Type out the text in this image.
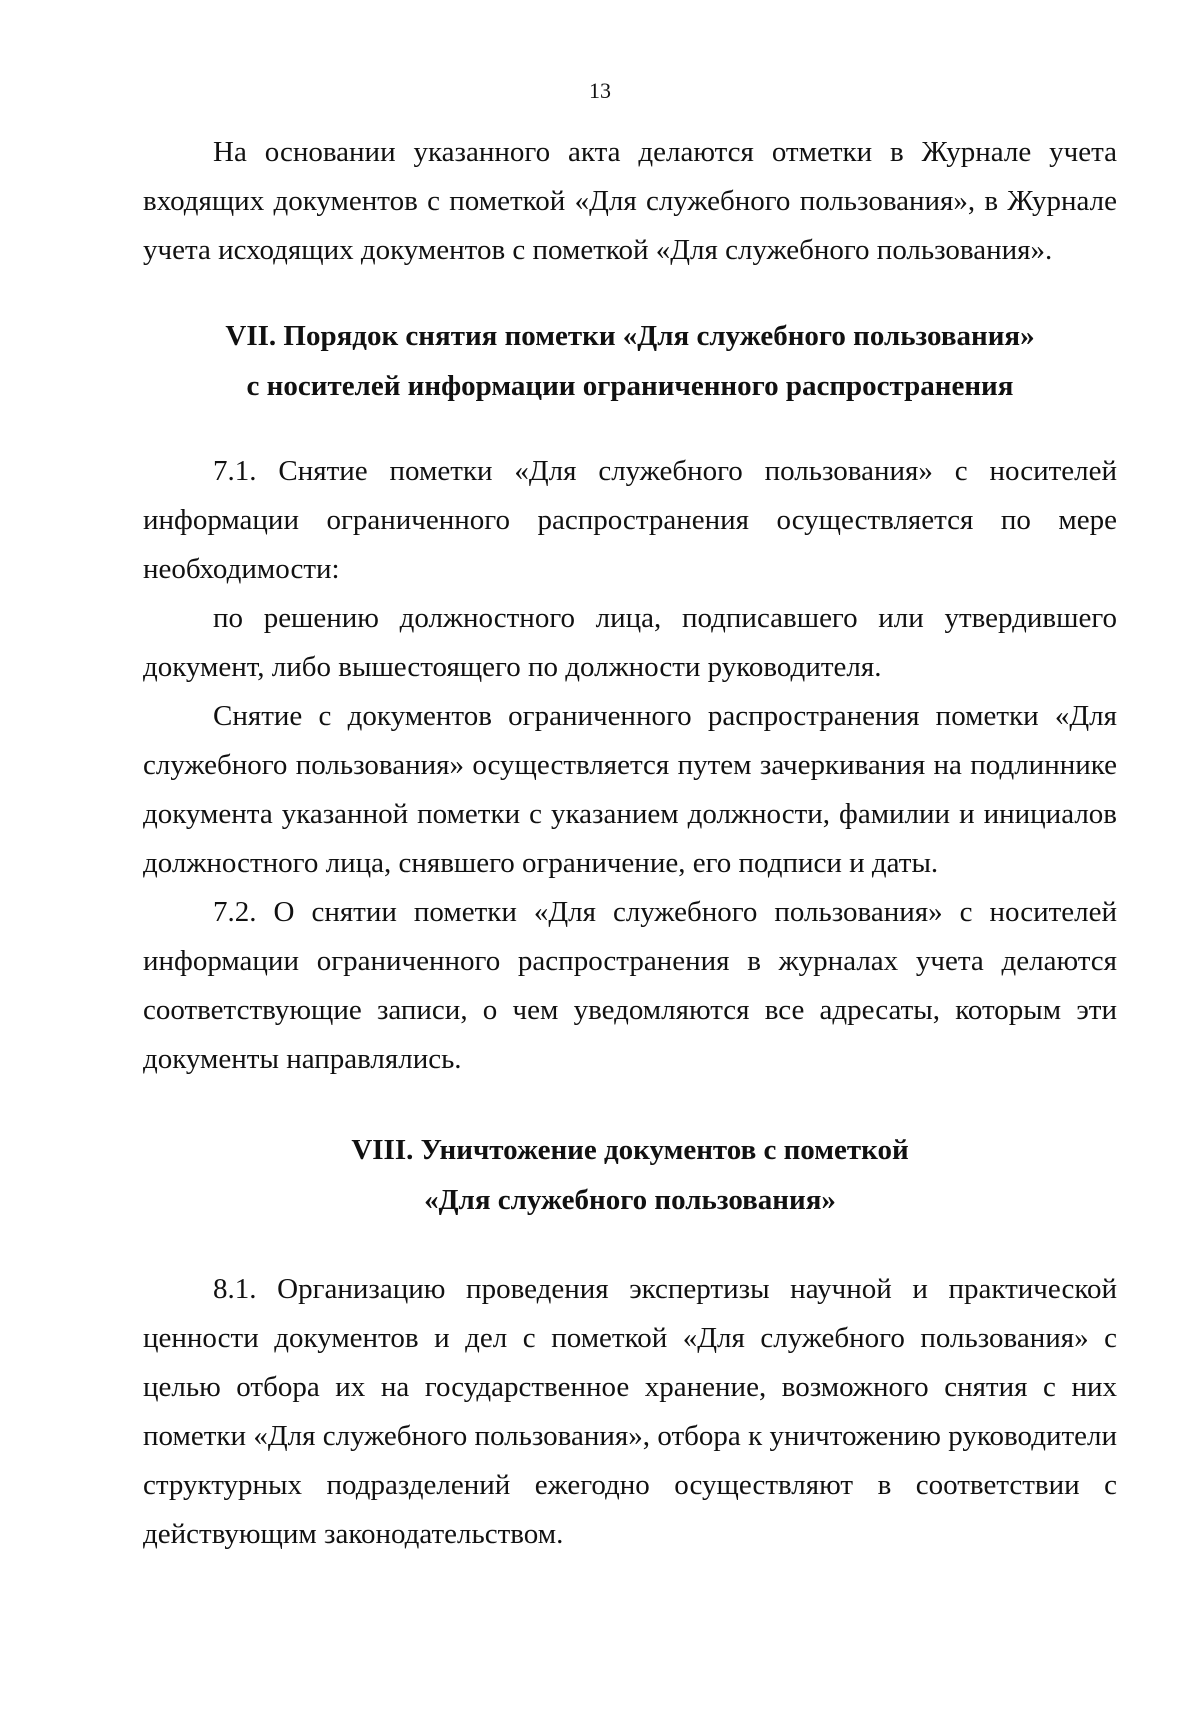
13

На основании указанного акта делаются отметки в Журнале учета входящих документов с пометкой «Для служебного пользования», в Журнале учета исходящих документов с пометкой «Для служебного пользования».

VII. Порядок снятия пометки «Для служебного пользования»
с носителей информации ограниченного распространения

7.1. Снятие пометки «Для служебного пользования» с носителей информации ограниченного распространения осуществляется по мере необходимости:

по решению должностного лица, подписавшего или утвердившего документ, либо вышестоящего по должности руководителя.

Снятие с документов ограниченного распространения пометки «Для служебного пользования» осуществляется путем зачеркивания на подлиннике документа указанной пометки с указанием должности, фамилии и инициалов должностного лица, снявшего ограничение, его подписи и даты.

7.2. О снятии пометки «Для служебного пользования» с носителей информации ограниченного распространения в журналах учета делаются соответствующие записи, о чем уведомляются все адресаты, которым эти документы направлялись.

VIII. Уничтожение документов с пометкой
«Для служебного пользования»

8.1. Организацию проведения экспертизы научной и практической ценности документов и дел с пометкой «Для служебного пользования» с целью отбора их на государственное хранение, возможного снятия с них пометки «Для служебного пользования», отбора к уничтожению руководители структурных подразделений ежегодно осуществляют в соответствии с действующим законодательством.
